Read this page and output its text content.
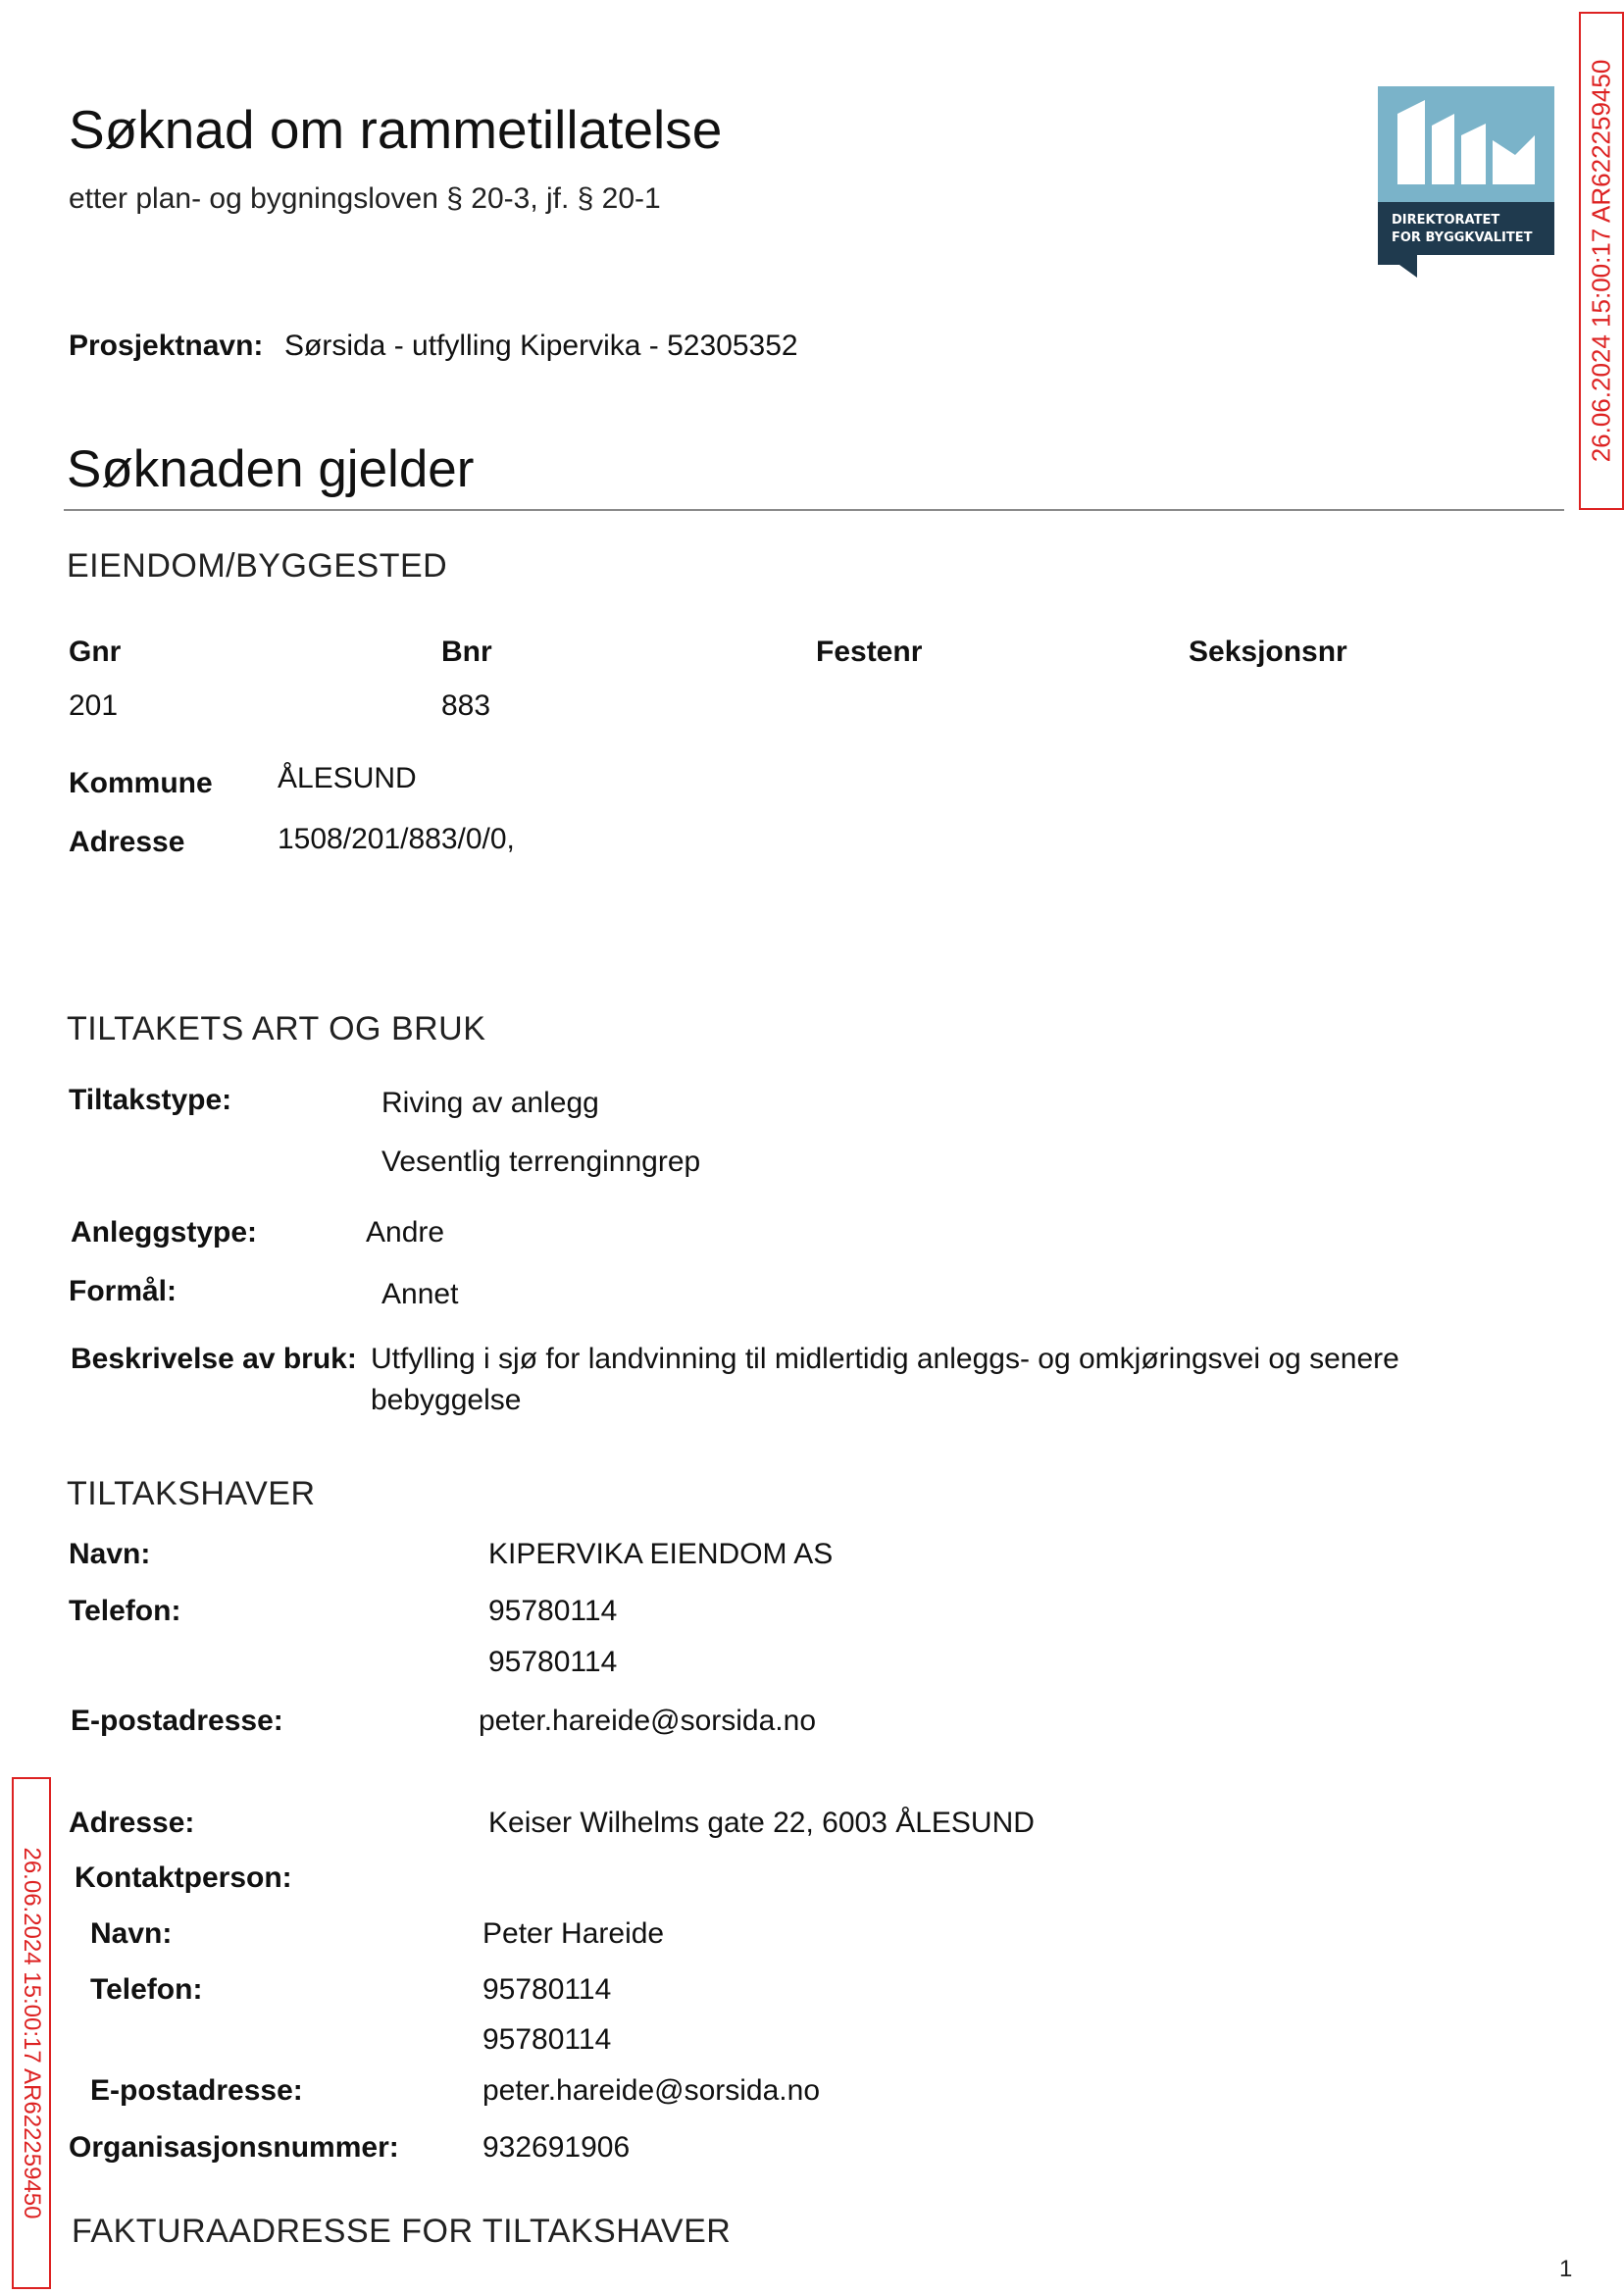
Søknad om rammetillatelse
etter plan- og bygningsloven § 20-3, jf. § 20-1
DIREKTORATET
FOR BYGGKVALITET 26.06.2024 15:00:17 AR622259450
26.06.2024 15:00:17 AR622259450
Prosjektnavn: Sørsida - utfylling Kipervika - 52305352
Søknaden gjelder
EIENDOM/BYGGESTED
Gnr	Bnr	Festenr	Seksjonsnr
201	883
Kommune ÅLESUND
Adresse	1508/201/883/0/0,
TILTAKETS ART OG BRUK
Tiltakstype:	Riving av anlegg
Vesentlig terrenginngrep
Anleggstype:	Andre
Formål:	Annet
Beskrivelse av bruk: Utfylling i sjø for landvinning til midlertidig anleggs- og omkjøringsvei og senere
bebyggelse
TILTAKSHAVER
Navn:	KIPERVIKA EIENDOM AS
Telefon:	95780114
95780114
E-postadresse:	peter.hareide@sorsida.no
Adresse:	Keiser Wilhelms gate 22, 6003 ÅLESUND
Kontaktperson:
Navn:	Peter Hareide
Telefon:	95780114
95780114
E-postadresse:	peter.hareide@sorsida.no
Organisasjonsnummer:	932691906
FAKTURAADRESSE FOR TILTAKSHAVER
1
